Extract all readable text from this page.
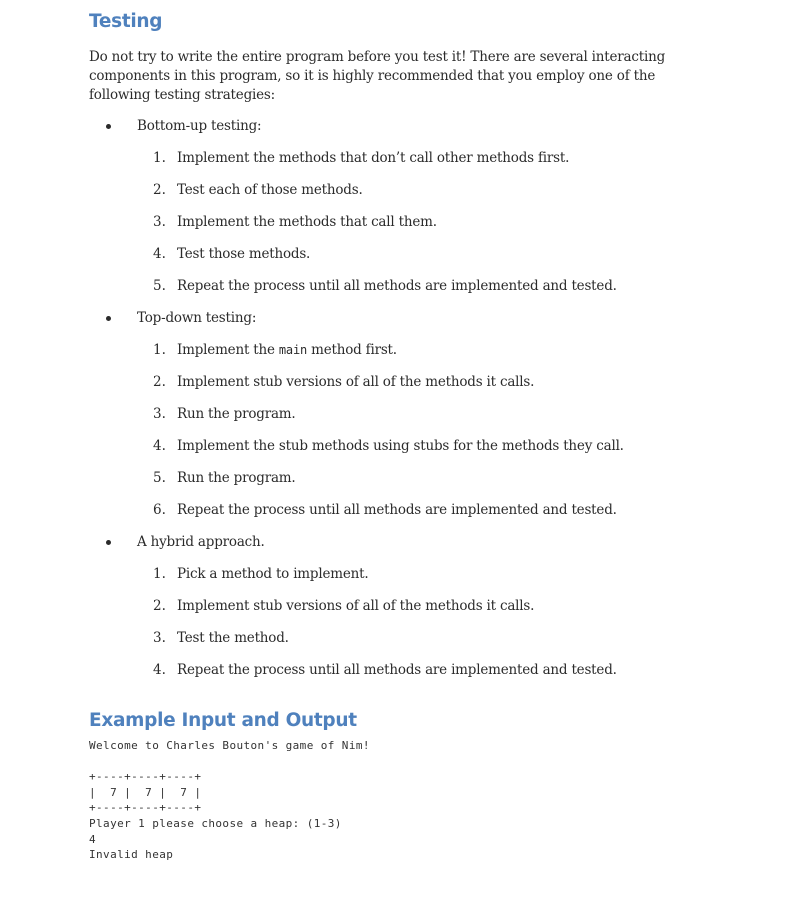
Testing
Do not try to write the entire program before you test it! There are several interacting components in this program, so it is highly recommended that you employ one of the following testing strategies:
Bottom-up testing:
1. Implement the methods that don’t call other methods first.
2. Test each of those methods.
3. Implement the methods that call them.
4. Test those methods.
5. Repeat the process until all methods are implemented and tested.
Top-down testing:
1. Implement the main method first.
2. Implement stub versions of all of the methods it calls.
3. Run the program.
4. Implement the stub methods using stubs for the methods they call.
5. Run the program.
6. Repeat the process until all methods are implemented and tested.
A hybrid approach.
1. Pick a method to implement.
2. Implement stub versions of all of the methods it calls.
3. Test the method.
4. Repeat the process until all methods are implemented and tested.
Example Input and Output
Welcome to Charles Bouton's game of Nim!

+----+----+----+
|  7 |  7 |  7 |
+----+----+----+
Player 1 please choose a heap: (1-3)
4
Invalid heap
